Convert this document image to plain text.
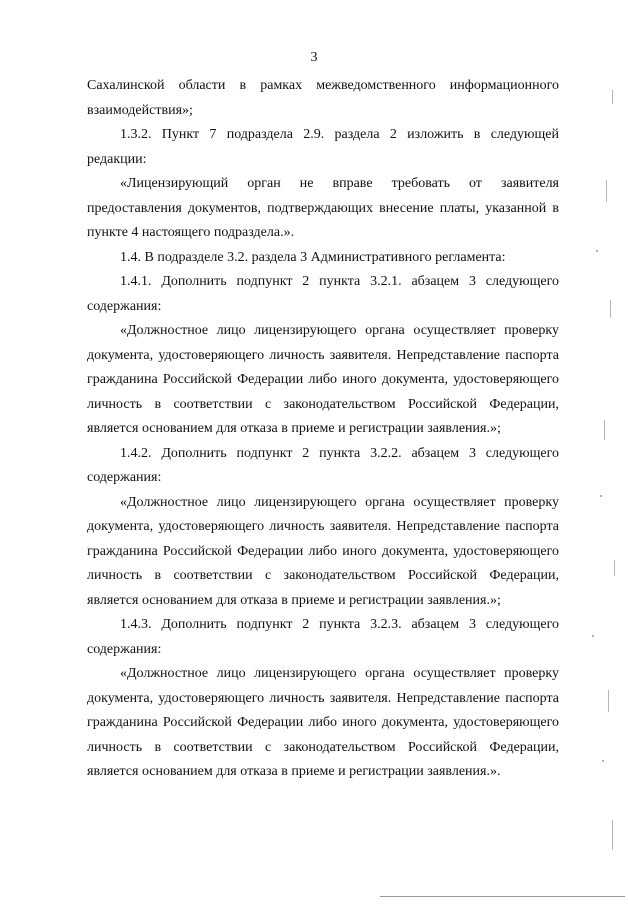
3

Сахалинской области в рамках межведомственного информационного взаимодействия»;

1.3.2. Пункт 7 подраздела 2.9. раздела 2 изложить в следующей редакции:

«Лицензирующий орган не вправе требовать от заявителя предоставления документов, подтверждающих внесение платы, указанной в пункте 4 настоящего подраздела.».

1.4. В подразделе 3.2. раздела 3 Административного регламента:

1.4.1. Дополнить подпункт 2 пункта 3.2.1. абзацем 3 следующего содержания:

«Должностное лицо лицензирующего органа осуществляет проверку документа, удостоверяющего личность заявителя. Непредставление паспорта гражданина Российской Федерации либо иного документа, удостоверяющего личность в соответствии с законодательством Российской Федерации, является основанием для отказа в приеме и регистрации заявления.»;

1.4.2. Дополнить подпункт 2 пункта 3.2.2. абзацем 3 следующего содержания:

«Должностное лицо лицензирующего органа осуществляет проверку документа, удостоверяющего личность заявителя. Непредставление паспорта гражданина Российской Федерации либо иного документа, удостоверяющего личность в соответствии с законодательством Российской Федерации, является основанием для отказа в приеме и регистрации заявления.»;

1.4.3. Дополнить подпункт 2 пункта 3.2.3. абзацем 3 следующего содержания:

«Должностное лицо лицензирующего органа осуществляет проверку документа, удостоверяющего личность заявителя. Непредставление паспорта гражданина Российской Федерации либо иного документа, удостоверяющего личность в соответствии с законодательством Российской Федерации, является основанием для отказа в приеме и регистрации заявления.».
